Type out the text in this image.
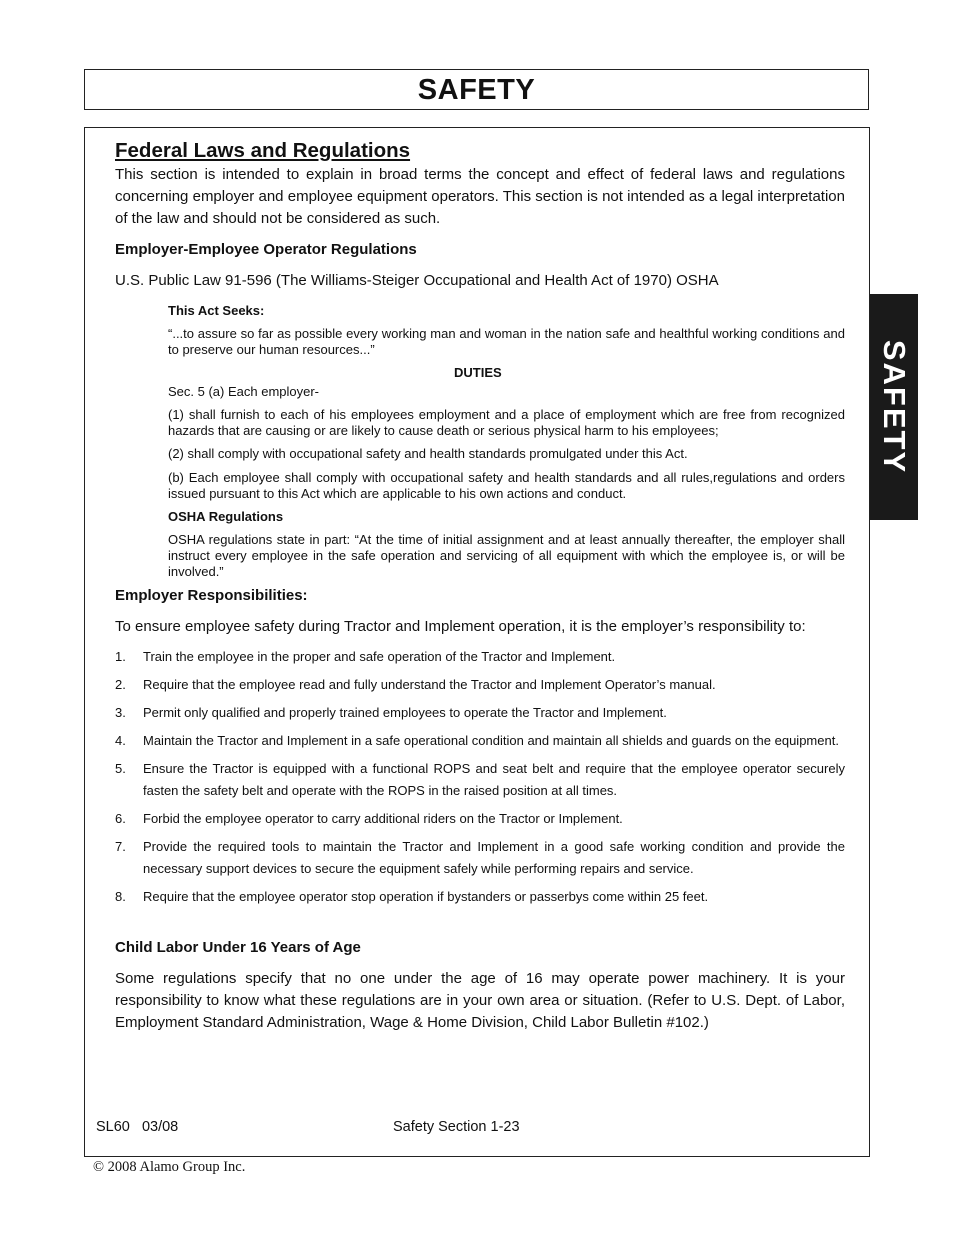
SAFETY
SAFETY
Federal Laws and Regulations
This section is intended to explain in broad terms the concept and effect of federal laws and regulations concerning employer and employee equipment operators. This section is not intended as a legal interpretation of the law and should not be considered as such.
Employer-Employee Operator Regulations
U.S. Public Law 91-596 (The Williams-Steiger Occupational and Health Act of 1970) OSHA
This Act Seeks:
“...to assure so far as possible every working man and woman in the nation safe and healthful working conditions and to preserve our human resources...”
DUTIES
Sec. 5 (a) Each employer-
(1) shall furnish to each of his employees employment and a place of employment which are free from recognized hazards that are causing or are likely to cause death or serious physical harm to his employees;
(2) shall comply with occupational safety and health standards promulgated under this Act.
(b) Each employee shall comply with occupational safety and health standards and all rules,regulations and orders issued pursuant to this Act which are applicable to his own actions and conduct.
OSHA Regulations
OSHA regulations state in part: “At the time of initial assignment and at least annually thereafter, the employer shall instruct every employee in the safe operation and servicing of all equipment with which the employee is, or will be involved.”
Employer Responsibilities:
To ensure employee safety during Tractor and Implement operation, it is the employer’s responsibility to:
1. Train the employee in the proper and safe operation of the Tractor and Implement.
2. Require that the employee read and fully understand the Tractor and Implement Operator’s manual.
3. Permit only qualified and properly trained employees to operate the Tractor and Implement.
4. Maintain the Tractor and Implement in a safe operational condition and maintain all shields and guards on the equipment.
5. Ensure the Tractor is equipped with a functional ROPS and seat belt and require that the employee operator securely fasten the safety belt and operate with the ROPS in the raised position at all times.
6. Forbid the employee operator to carry additional riders on the Tractor or Implement.
7. Provide the required tools to maintain the Tractor and Implement in a good safe working condition and provide the necessary support devices to secure the equipment safely while performing repairs and service.
8. Require that the employee operator stop operation if bystanders or passerbys come within 25 feet.
Child Labor Under 16 Years of Age
Some regulations specify that no one under the age of 16 may operate power machinery. It is your responsibility to know what these regulations are in your own area or situation. (Refer to U.S. Dept. of Labor, Employment Standard Administration, Wage & Home Division, Child Labor Bulletin #102.)
SL60   03/08	Safety Section 1-23
© 2008 Alamo Group Inc.
